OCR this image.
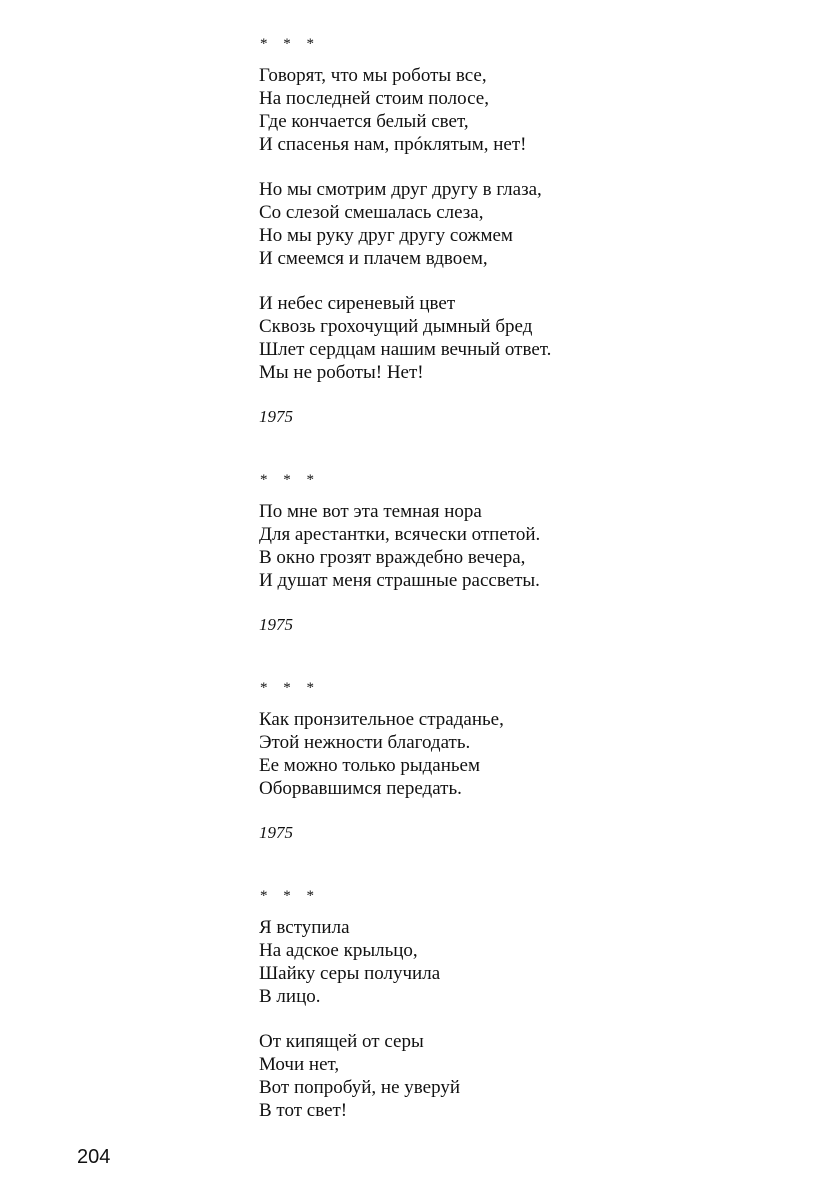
* * *
Говорят, что мы роботы все,
На последней стоим полосе,
Где кончается белый свет,
И спасенья нам, прóклятым, нет!
Но мы смотрим друг другу в глаза,
Со слезой смешалась слеза,
Но мы руку друг другу сожмем
И смеемся и плачем вдвоем,
И небес сиреневый цвет
Сквозь грохочущий дымный бред
Шлет сердцам нашим вечный ответ.
Мы не роботы! Нет!
1975
* * *
По мне вот эта темная нора
Для арестантки, всячески отпетой.
В окно грозят враждебно вечера,
И душат меня страшные рассветы.
1975
* * *
Как пронзительное страданье,
Этой нежности благодать.
Ее можно только рыданьем
Оборвавшимся передать.
1975
* * *
Я вступила
На адское крыльцо,
Шайку серы получила
В лицо.
От кипящей от серы
Мочи нет,
Вот попробуй, не уверуй
В тот свет!
204
